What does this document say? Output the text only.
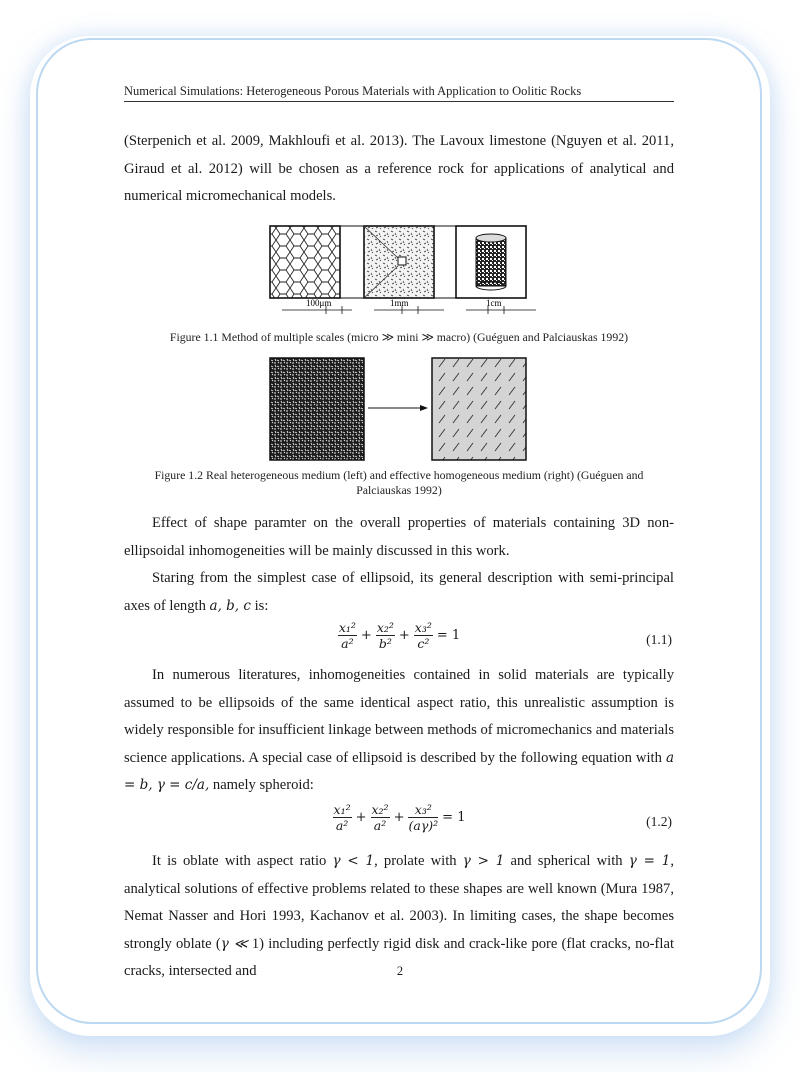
Numerical Simulations: Heterogeneous Porous Materials with Application to Oolitic Rocks

(Sterpenich et al. 2009, Makhloufi et al. 2013). The Lavoux limestone (Nguyen et al. 2011, Giraud et al. 2012) will be chosen as a reference rock for applications of analytical and numerical micromechanical models.

100μm	1mm	1cm
Figure 1.1 Method of multiple scales (micro ≫ mini ≫ macro) (Guéguen and Palciauskas 1992)
Figure 1.2 Real heterogeneous medium (left) and effective homogeneous medium (right) (Guéguen and
Palciauskas 1992)

Effect of shape paramter on the overall properties of materials containing 3D non-ellipsoidal inhomogeneities will be mainly discussed in this work.

Staring from the simplest case of ellipsoid, its general description with semi-principal axes of length a, b, c is:

$\frac{\text{x₁²}}{\text{a²}} + \frac{\text{x₂²}}{\text{b²}} + \frac{\text{x₃²}}{\text{c²}} = 1$	(1.1)

In numerous literatures, inhomogeneities contained in solid materials are typically assumed to be ellipsoids of the same identical aspect ratio, this unrealistic assumption is widely responsible for insufficient linkage between methods of micromechanics and materials science applications. A special case of ellipsoid is described by the following equation with a = b, γ = c/a, namely spheroid:

$\frac{\text{x₁²}}{\text{a²}} + \frac{\text{x₂²}}{\text{a²}} + \frac{\text{x₃²}}{\text{(aγ)²}} = 1$	(1.2)

It is oblate with aspect ratio γ < 1, prolate with γ > 1 and spherical with γ = 1, analytical solutions of effective problems related to these shapes are well known (Mura 1987, Nemat Nasser and Hori 1993, Kachanov et al. 2003). In limiting cases, the shape becomes strongly oblate (γ ≪ 1) including perfectly rigid disk and crack-like pore (flat cracks, no-flat cracks, intersected and	2
